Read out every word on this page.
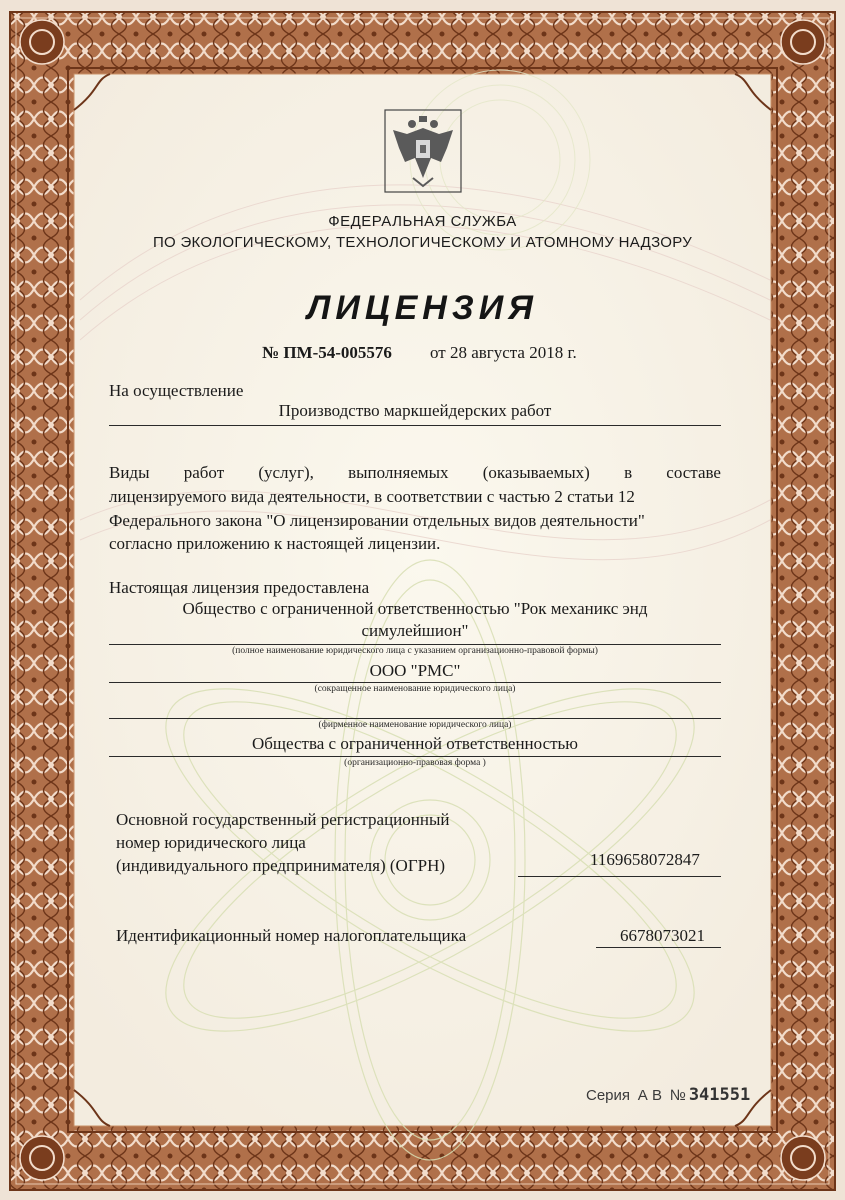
ФЕДЕРАЛЬНАЯ СЛУЖБА

ПО ЭКОЛОГИЧЕСКОМУ, ТЕХНОЛОГИЧЕСКОМУ И АТОМНОМУ НАДЗОРУ

ЛИЦЕНЗИЯ

№ ПМ-54-005576 от 28 августа 2018 г.

На осуществление

Производство маркшейдерских работ

Виды работ (услуг), выполняемых (оказываемых) в составе

лицензируемого вида деятельности, в соответствии с частью 2 статьи 12

Федерального закона "О лицензировании отдельных видов деятельности"

согласно приложению к настоящей лицензии.

Настоящая лицензия предоставлена

Общество с ограниченной ответственностью "Рок механикс энд

симулейшион"

(полное наименование юридического лица с указанием организационно-правовой формы)

ООО "РМС"

(сокращенное наименование юридического лица)

(фирменное наименование юридического лица)

Общества с ограниченной ответственностью

(организационно-правовая форма )

Основной государственный регистрационный

номер юридического лица

(индивидуального предпринимателя) (ОГРН)	1169658072847

Идентификационный номер налогоплательщика	6678073021

Серия А В № 341551
